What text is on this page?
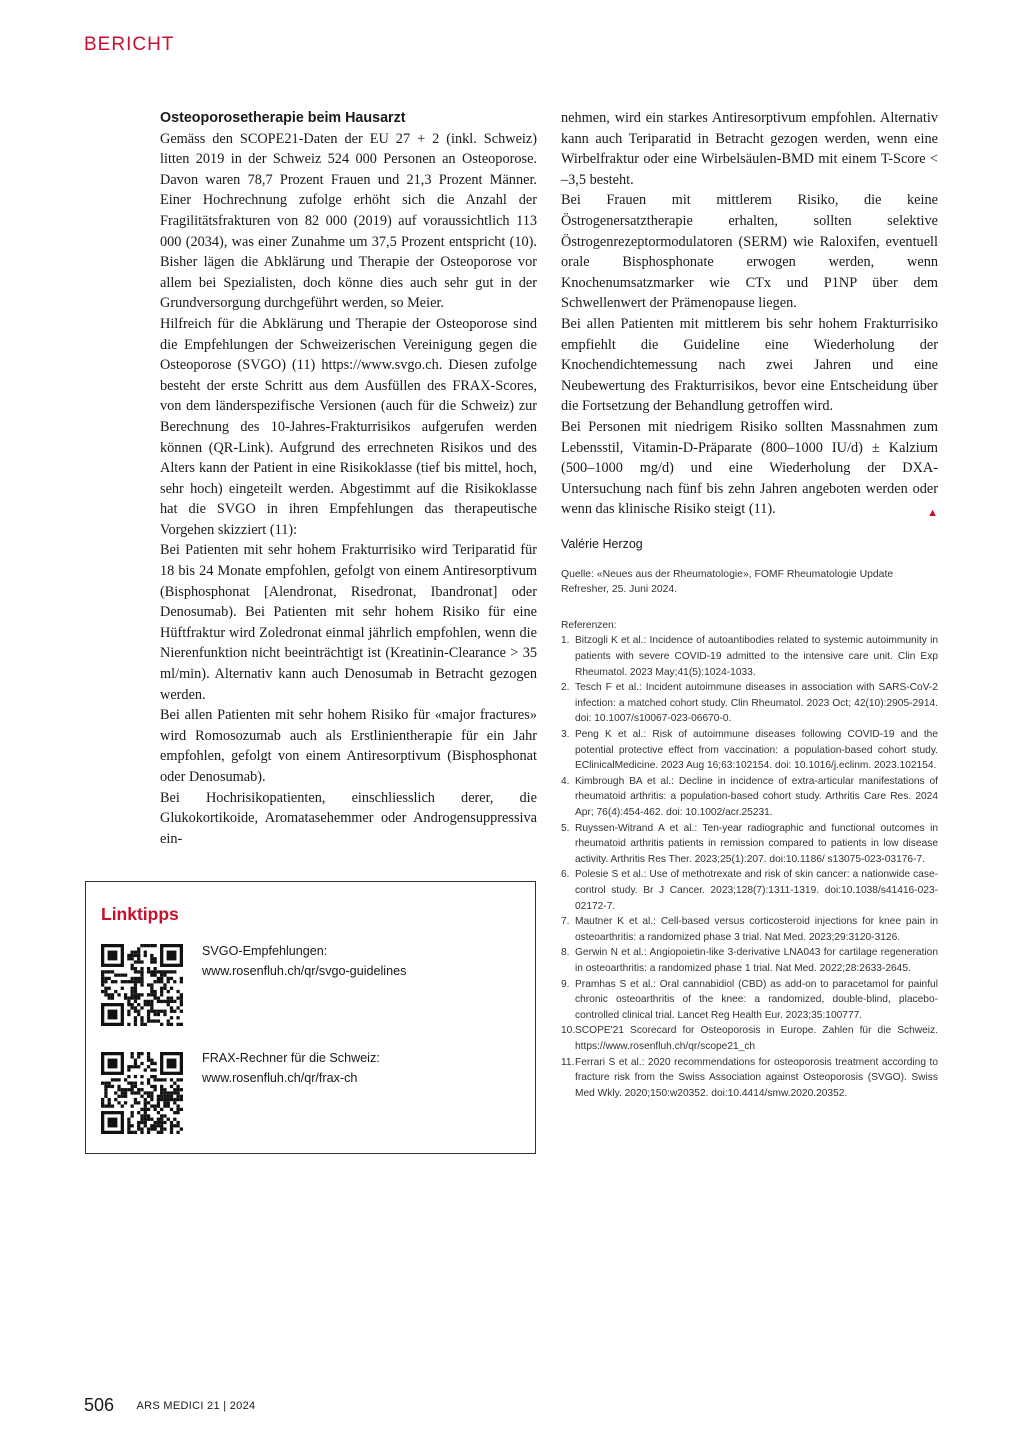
BERICHT
Osteoporosetherapie beim Hausarzt

Gemäss den SCOPE21-Daten der EU 27 + 2 (inkl. Schweiz) litten 2019 in der Schweiz 524 000 Personen an Osteoporose. Davon waren 78,7 Prozent Frauen und 21,3 Prozent Männer. Einer Hochrechnung zufolge erhöht sich die Anzahl der Fragilitätsfrakturen von 82 000 (2019) auf voraussichtlich 113 000 (2034), was einer Zunahme um 37,5 Prozent entspricht (10). Bisher lägen die Abklärung und Therapie der Osteoporose vor allem bei Spezialisten, doch könne dies auch sehr gut in der Grundversorgung durchgeführt werden, so Meier.

Hilfreich für die Abklärung und Therapie der Osteoporose sind die Empfehlungen der Schweizerischen Vereinigung gegen die Osteoporose (SVGO) (11) https://www.svgo.ch. Diesen zufolge besteht der erste Schritt aus dem Ausfüllen des FRAX-Scores, von dem länderspezifische Versionen (auch für die Schweiz) zur Berechnung des 10-Jahres-Frakturrisikos aufgerufen werden können (QR-Link). Aufgrund des errechneten Risikos und des Alters kann der Patient in eine Risikoklasse (tief bis mittel, hoch, sehr hoch) eingeteilt werden. Abgestimmt auf die Risikoklasse hat die SVGO in ihren Empfehlungen das therapeutische Vorgehen skizziert (11):

Bei Patienten mit sehr hohem Frakturrisiko wird Teriparatid für 18 bis 24 Monate empfohlen, gefolgt von einem Antiresorptivum (Bisphosphonat [Alendronat, Risedronat, Ibandronat] oder Denosumab). Bei Patienten mit sehr hohem Risiko für eine Hüftfraktur wird Zoledronat einmal jährlich empfohlen, wenn die Nierenfunktion nicht beeinträchtigt ist (Kreatinin-Clearance > 35 ml/min). Alternativ kann auch Denosumab in Betracht gezogen werden.

Bei allen Patienten mit sehr hohem Risiko für «major fractures» wird Romosozumab auch als Erstlinientherapie für ein Jahr empfohlen, gefolgt von einem Antiresorptivum (Bisphosphonat oder Denosumab).

Bei Hochrisikopatienten, einschliesslich derer, die Glukokortikoide, Aromatasehemmer oder Androgensuppressiva ein-

nehmen, wird ein starkes Antiresorptivum empfohlen. Alternativ kann auch Teriparatid in Betracht gezogen werden, wenn eine Wirbelfraktur oder eine Wirbelsäulen-BMD mit einem T-Score < –3,5 besteht.

Bei Frauen mit mittlerem Risiko, die keine Östrogenersatztherapie erhalten, sollten selektive Östrogenrezeptormodulatoren (SERM) wie Raloxifen, eventuell orale Bisphosphonate erwogen werden, wenn Knochenumsatzmarker wie CTx und P1NP über dem Schwellenwert der Prämenopause liegen.

Bei allen Patienten mit mittlerem bis sehr hohem Frakturrisiko empfiehlt die Guideline eine Wiederholung der Knochendichtemessung nach zwei Jahren und eine Neubewertung des Frakturrisikos, bevor eine Entscheidung über die Fortsetzung der Behandlung getroffen wird.

Bei Personen mit niedrigem Risiko sollten Massnahmen zum Lebensstil, Vitamin-D-Präparate (800–1000 IU/d) ± Kalzium (500–1000 mg/d) und eine Wiederholung der DXA-Untersuchung nach fünf bis zehn Jahren angeboten werden oder wenn das klinische Risiko steigt (11).	▲

Valérie Herzog

Quelle: «Neues aus der Rheumatologie», FOMF Rheumatologie Update Refresher, 25. Juni 2024.

Referenzen:

1. Bitzogli K et al.: Incidence of autoantibodies related to systemic autoimmunity in patients with severe COVID-19 admitted to the intensive care unit. Clin Exp Rheumatol. 2023 May;41(5):1024-1033.
2. Tesch F et al.: Incident autoimmune diseases in association with SARS-CoV-2 infection: a matched cohort study. Clin Rheumatol. 2023 Oct; 42(10):2905-2914. doi: 10.1007/s10067-023-06670-0.
3. Peng K et al.: Risk of autoimmune diseases following COVID-19 and the potential protective effect from vaccination: a population-based cohort study. EClinicalMedicine. 2023 Aug 16;63:102154. doi: 10.1016/j.eclinm. 2023.102154.
4. Kimbrough BA et al.: Decline in incidence of extra-articular manifestations of rheumatoid arthritis: a population-based cohort study. Arthritis Care Res. 2024 Apr; 76(4):454-462. doi: 10.1002/acr.25231.
5. Ruyssen-Witrand A et al.: Ten-year radiographic and functional outcomes in rheumatoid arthritis patients in remission compared to patients in low disease activity. Arthritis Res Ther. 2023;25(1):207. doi:10.1186/ s13075-023-03176-7.
6. Polesie S et al.: Use of methotrexate and risk of skin cancer: a nationwide case-control study. Br J Cancer. 2023;128(7):1311-1319. doi:10.1038/s41416-023-02172-7.
7. Mautner K et al.: Cell-based versus corticosteroid injections for knee pain in osteoarthritis: a randomized phase 3 trial. Nat Med. 2023;29:3120-3126.
8. Gerwin N et al.: Angiopoietin-like 3-derivative LNA043 for cartilage regeneration in osteoarthritis: a randomized phase 1 trial. Nat Med. 2022;28:2633-2645.
9. Pramhas S et al.: Oral cannabidiol (CBD) as add-on to paracetamol for painful chronic osteoarthritis of the knee: a randomized, double-blind, placebo-controlled clinical trial. Lancet Reg Health Eur. 2023;35:100777.
10. SCOPE'21 Scorecard for Osteoporosis in Europe. Zahlen für die Schweiz. https://www.rosenfluh.ch/qr/scope21_ch
11. Ferrari S et al.: 2020 recommendations for osteoporosis treatment according to fracture risk from the Swiss Association against Osteoporosis (SVGO). Swiss Med Wkly. 2020;150:w20352. doi:10.4414/smw.2020.20352.
Linktipps
SVGO-Empfehlungen:
www.rosenfluh.ch/qr/svgo-guidelines
FRAX-Rechner für die Schweiz:
www.rosenfluh.ch/qr/frax-ch
506 ARS MEDICI 21 | 2024
